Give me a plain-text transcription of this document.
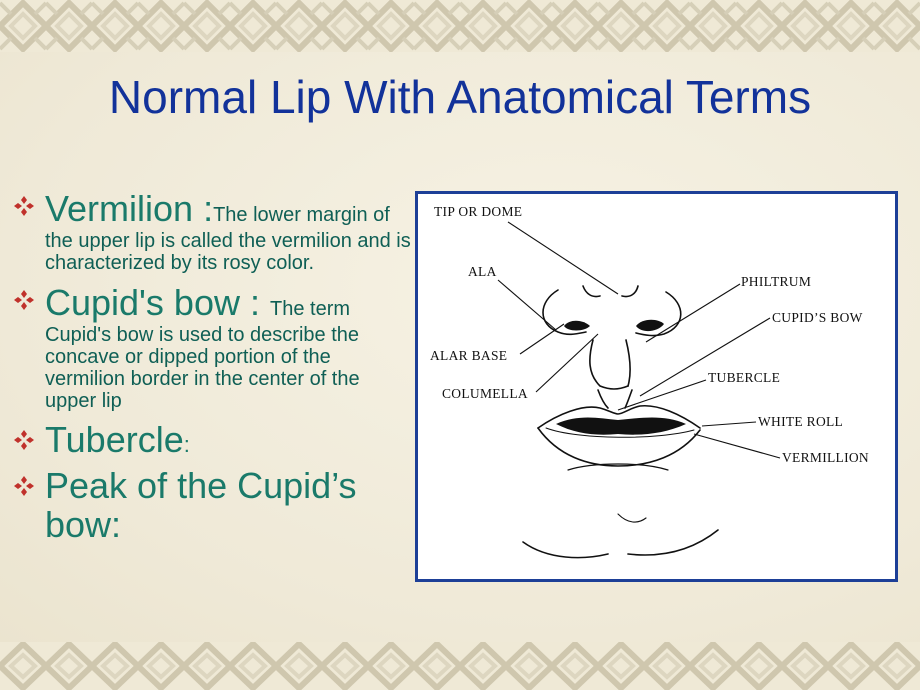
Normal Lip With Anatomical Terms
Vermilion :The lower margin of the upper lip is called the vermilion and is characterized by its rosy color.
Cupid's bow : The term Cupid's bow is used to describe the concave or dipped portion of the vermilion border in the center of the upper lip
Tubercle:
Peak of the Cupid’s bow:
TIP OR DOME
ALA
PHILTRUM
CUPID’S BOW
ALAR BASE
TUBERCLE
COLUMELLA
WHITE ROLL
VERMILLION
